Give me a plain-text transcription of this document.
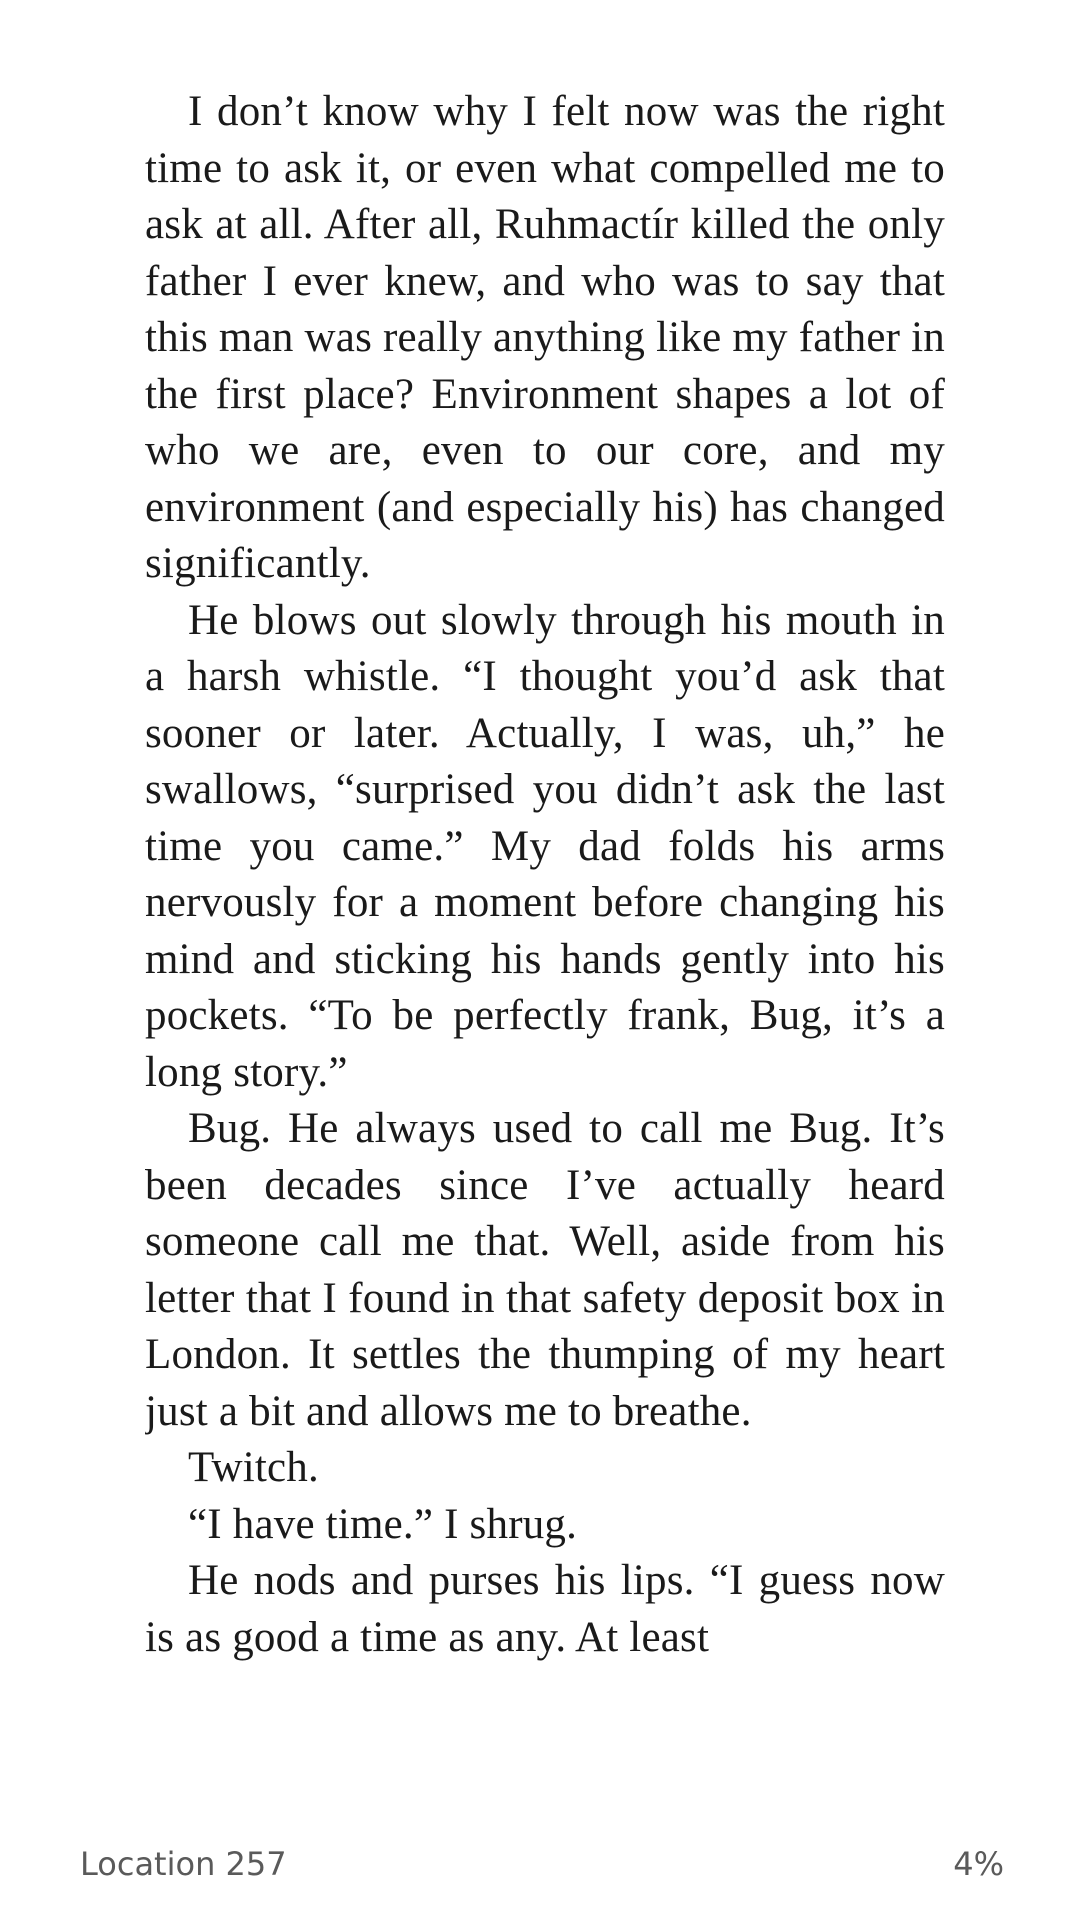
I don’t know why I felt now was the right time to ask it, or even what compelled me to ask at all. After all, Ruhmactír killed the only father I ever knew, and who was to say that this man was really anything like my father in the first place? Environment shapes a lot of who we are, even to our core, and my environment (and especially his) has changed significantly.

He blows out slowly through his mouth in a harsh whistle. “I thought you’d ask that sooner or later. Actually, I was, uh,” he swallows, “surprised you didn’t ask the last time you came.” My dad folds his arms nervously for a moment before changing his mind and sticking his hands gently into his pockets. “To be perfectly frank, Bug, it’s a long story.”

Bug. He always used to call me Bug. It’s been decades since I’ve actually heard someone call me that. Well, aside from his letter that I found in that safety deposit box in London. It settles the thumping of my heart just a bit and allows me to breathe.

Twitch.

“I have time.” I shrug.

He nods and purses his lips. “I guess now is as good a time as any. At least

Location 257	4%
